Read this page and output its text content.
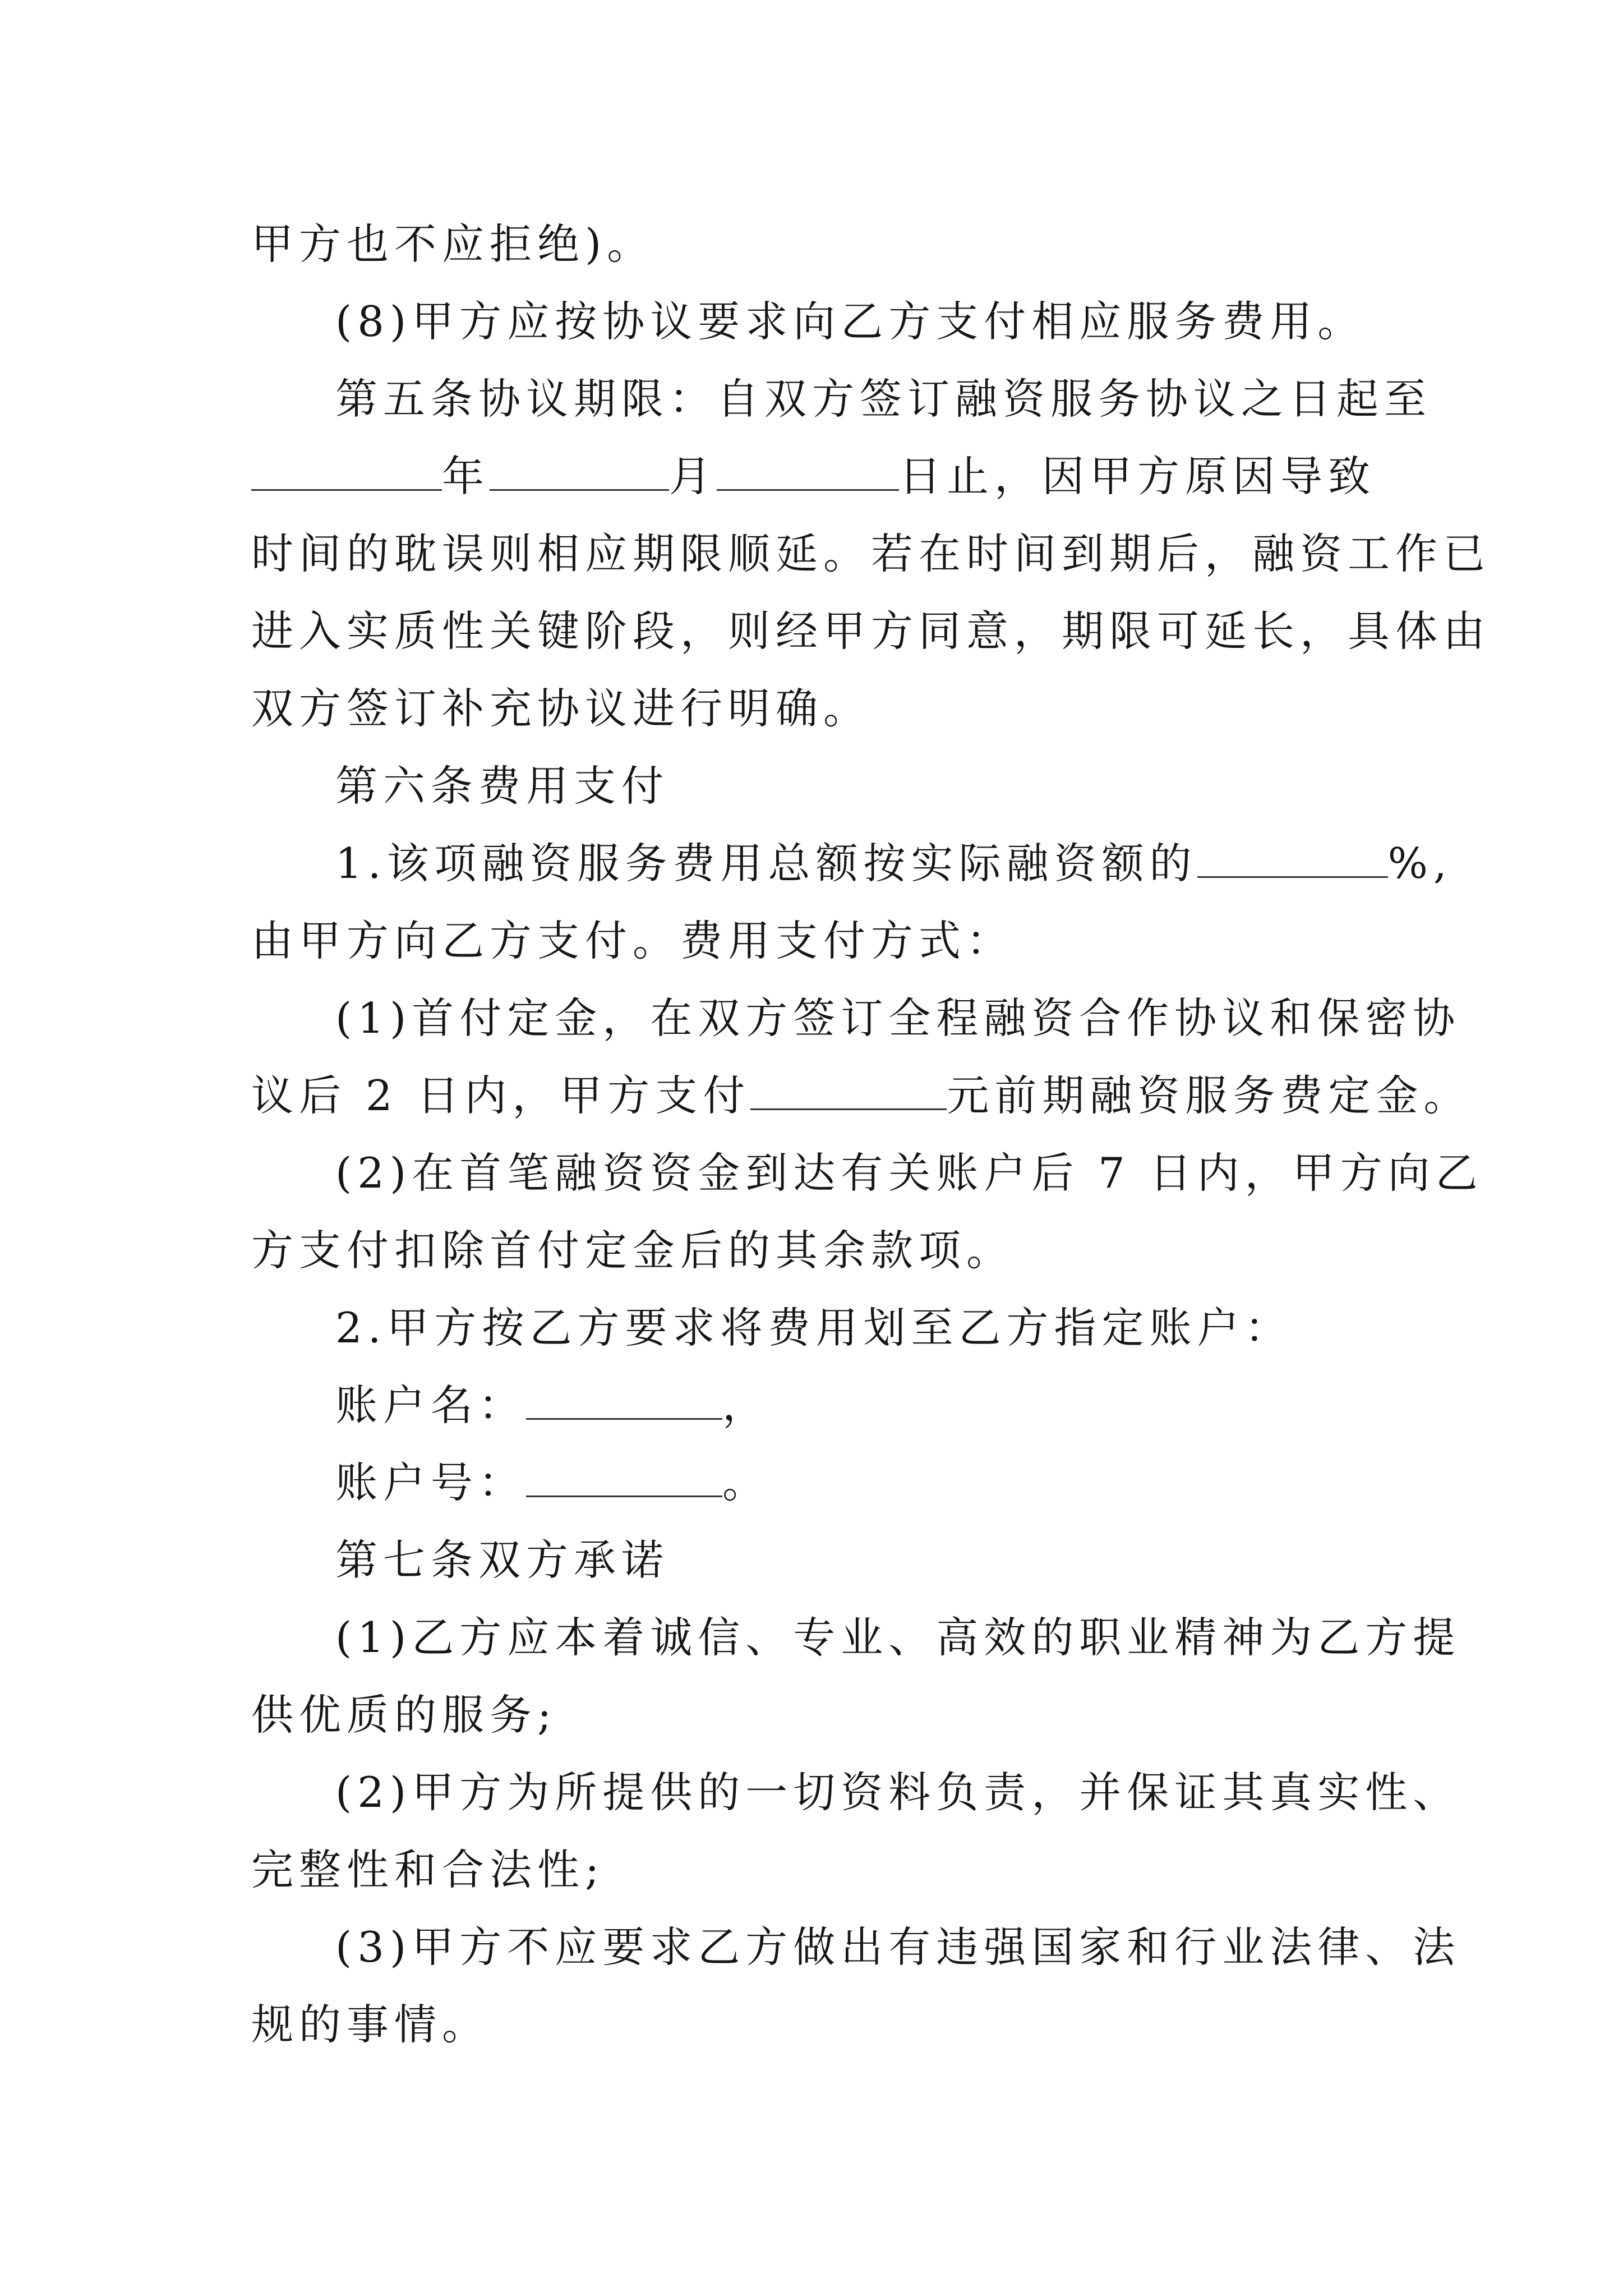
甲方也不应拒绝)。
(8)甲方应按协议要求向乙方支付相应服务费用。
第五条协议期限：自双方签订融资服务协议之日起至
年	月	日止，因甲方原因导致
时间的耽误则相应期限顺延。若在时间到期后，融资工作已
进入实质性关键阶段，则经甲方同意，期限可延长，具体由
双方签订补充协议进行明确。
第六条费用支付
1.该项融资服务费用总额按实际融资额的	%,
由甲方向乙方支付。费用支付方式：
(1)首付定金，在双方签订全程融资合作协议和保密协
议后 2 日内，甲方支付	元前期融资服务费定金。
(2)在首笔融资资金到达有关账户后 7 日内，甲方向乙
方支付扣除首付定金后的其余款项。
2.甲方按乙方要求将费用划至乙方指定账户：
账户名：	，
账户号：	。
第七条双方承诺
(1)乙方应本着诚信、专业、高效的职业精神为乙方提
供优质的服务;
(2)甲方为所提供的一切资料负责，并保证其真实性、
完整性和合法性;
(3)甲方不应要求乙方做出有违强国家和行业法律、法
规的事情。
